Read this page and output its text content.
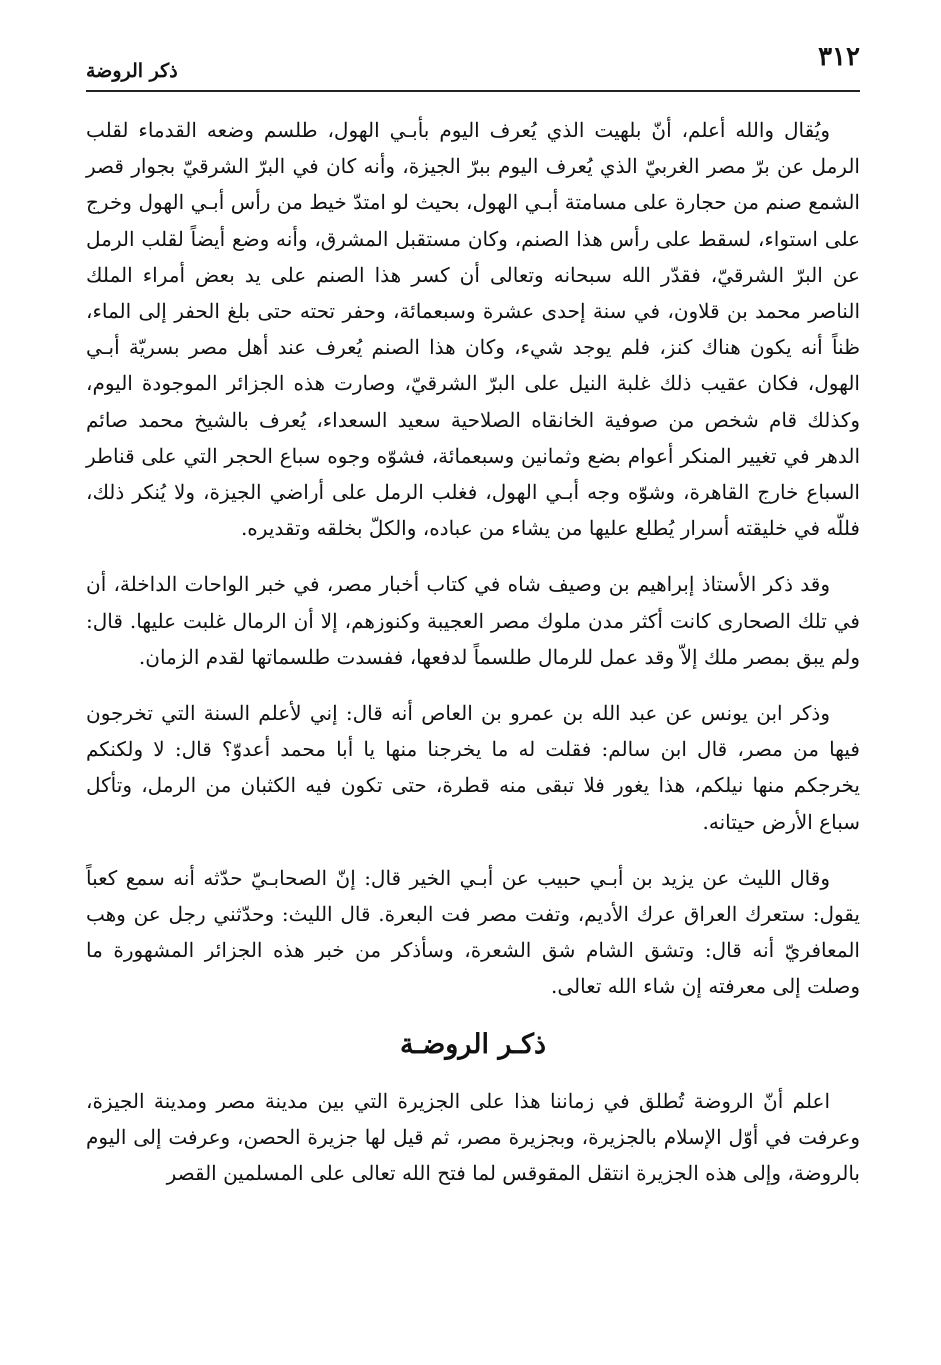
٣١٢
ذكر الروضة

ويُقال والله أعلم، أنّ بلهيت الذي يُعرف اليوم بأبـي الهول، طلسم وضعه القدماء لقلب الرمل عن برّ مصر الغربيّ الذي يُعرف اليوم ببرّ الجيزة، وأنه كان في البرّ الشرقيّ بجوار قصر الشمع صنم من حجارة على مسامتة أبـي الهول، بحيث لو امتدّ خيط من رأس أبـي الهول وخرج على استواء، لسقط على رأس هذا الصنم، وكان مستقبل المشرق، وأنه وضع أيضاً لقلب الرمل عن البرّ الشرقيّ، فقدّر الله سبحانه وتعالى أن كسر هذا الصنم على يد بعض أمراء الملك الناصر محمد بن قلاون، في سنة إحدى عشرة وسبعمائة، وحفر تحته حتى بلغ الحفر إلى الماء، ظناً أنه يكون هناك كنز، فلم يوجد شيء، وكان هذا الصنم يُعرف عند أهل مصر بسريّة أبـي الهول، فكان عقيب ذلك غلبة النيل على البرّ الشرقيّ، وصارت هذه الجزائر الموجودة اليوم، وكذلك قام شخص من صوفية الخانقاه الصلاحية سعيد السعداء، يُعرف بالشيخ محمد صائم الدهر في تغيير المنكر أعوام بضع وثمانين وسبعمائة، فشوّه وجوه سباع الحجر التي على قناطر السباع خارج القاهرة، وشوّه وجه أبـي الهول، فغلب الرمل على أراضي الجيزة، ولا يُنكر ذلك، فللّه في خليقته أسرار يُطلع عليها من يشاء من عباده، والكلّ بخلقه وتقديره.

وقد ذكر الأستاذ إبراهيم بن وصيف شاه في كتاب أخبار مصر، في خبر الواحات الداخلة، أن في تلك الصحارى كانت أكثر مدن ملوك مصر العجيبة وكنوزهم، إلا أن الرمال غلبت عليها. قال: ولم يبق بمصر ملك إلاّ وقد عمل للرمال طلسماً لدفعها، ففسدت طلسماتها لقدم الزمان.

وذكر ابن يونس عن عبد الله بن عمرو بن العاص أنه قال: إني لأعلم السنة التي تخرجون فيها من مصر، قال ابن سالم: فقلت له ما يخرجنا منها يا أبا محمد أعدوّ؟ قال: لا ولكنكم يخرجكم منها نيلكم، هذا يغور فلا تبقى منه قطرة، حتى تكون فيه الكثبان من الرمل، وتأكل سباع الأرض حيتانه.

وقال الليث عن يزيد بن أبـي حبيب عن أبـي الخير قال: إنّ الصحابـيّ حدّثه أنه سمع كعباً يقول: ستعرك العراق عرك الأديم، وتفت مصر فت البعرة. قال الليث: وحدّثني رجل عن وهب المعافريّ أنه قال: وتشق الشام شق الشعرة، وسأذكر من خبر هذه الجزائر المشهورة ما وصلت إلى معرفته إن شاء الله تعالى.

ذكـر الروضـة

اعلم أنّ الروضة تُطلق في زماننا هذا على الجزيرة التي بين مدينة مصر ومدينة الجيزة، وعرفت في أوّل الإسلام بالجزيرة، وبجزيرة مصر، ثم قيل لها جزيرة الحصن، وعرفت إلى اليوم بالروضة، وإلى هذه الجزيرة انتقل المقوقس لما فتح الله تعالى على المسلمين القصر
